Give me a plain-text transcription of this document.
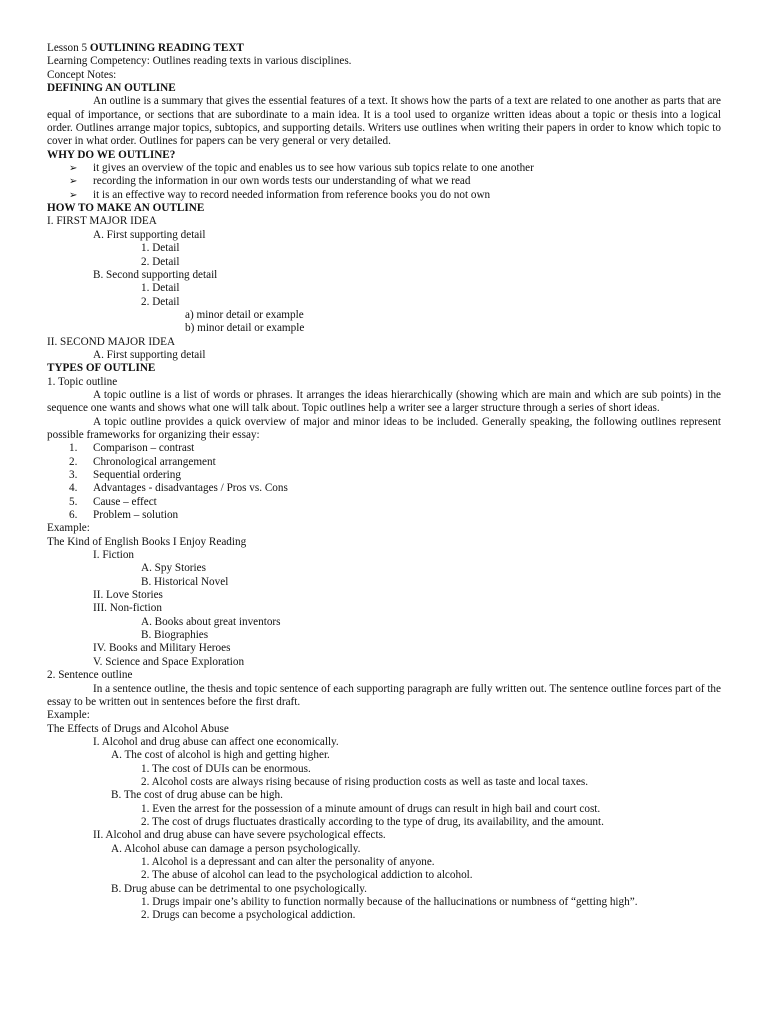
Lesson 5 OUTLINING READING TEXT
Learning Competency: Outlines reading texts in various disciplines.
Concept Notes:
DEFINING AN OUTLINE
An outline is a summary that gives the essential features of a text. It shows how the parts of a text are related to one another as parts that are equal of importance, or sections that are subordinate to a main idea. It is a tool used to organize written ideas about a topic or thesis into a logical order. Outlines arrange major topics, subtopics, and supporting details. Writers use outlines when writing their papers in order to know which topic to cover in what order. Outlines for papers can be very general or very detailed.
WHY DO WE OUTLINE?
➢ it gives an overview of the topic and enables us to see how various sub topics relate to one another
➢ recording the information in our own words tests our understanding of what we read
➢ it is an effective way to record needed information from reference books you do not own
HOW TO MAKE AN OUTLINE
I. FIRST MAJOR IDEA
A. First supporting detail
1. Detail
2. Detail
B. Second supporting detail
1. Detail
2. Detail
a) minor detail or example
b) minor detail or example
II. SECOND MAJOR IDEA
A. First supporting detail
TYPES OF OUTLINE
1. Topic outline
A topic outline is a list of words or phrases. It arranges the ideas hierarchically (showing which are main and which are sub points) in the sequence one wants and shows what one will talk about. Topic outlines help a writer see a larger structure through a series of short ideas.
A topic outline provides a quick overview of major and minor ideas to be included. Generally speaking, the following outlines represent possible frameworks for organizing their essay:
1. Comparison – contrast
2. Chronological arrangement
3. Sequential ordering
4. Advantages - disadvantages / Pros vs. Cons
5. Cause – effect
6. Problem – solution
Example:
The Kind of English Books I Enjoy Reading
I. Fiction
A. Spy Stories
B. Historical Novel
II. Love Stories
III. Non-fiction
A. Books about great inventors
B. Biographies
IV. Books and Military Heroes
V. Science and Space Exploration
2. Sentence outline
In a sentence outline, the thesis and topic sentence of each supporting paragraph are fully written out. The sentence outline forces part of the essay to be written out in sentences before the first draft.
Example:
The Effects of Drugs and Alcohol Abuse
I. Alcohol and drug abuse can affect one economically.
A. The cost of alcohol is high and getting higher.
1. The cost of DUIs can be enormous.
2. Alcohol costs are always rising because of rising production costs as well as taste and local taxes.
B. The cost of drug abuse can be high.
1. Even the arrest for the possession of a minute amount of drugs can result in high bail and court cost.
2. The cost of drugs fluctuates drastically according to the type of drug, its availability, and the amount.
II. Alcohol and drug abuse can have severe psychological effects.
A. Alcohol abuse can damage a person psychologically.
1. Alcohol is a depressant and can alter the personality of anyone.
2. The abuse of alcohol can lead to the psychological addiction to alcohol.
B. Drug abuse can be detrimental to one psychologically.
1. Drugs impair one’s ability to function normally because of the hallucinations or numbness of “getting high”.
2. Drugs can become a psychological addiction.
